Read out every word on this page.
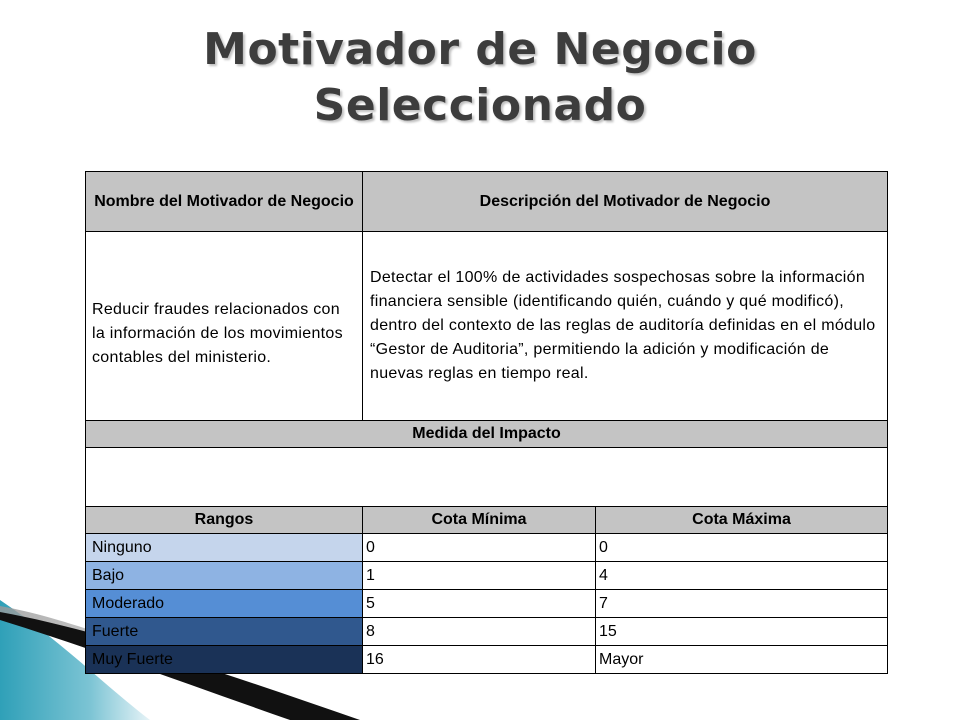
Motivador de Negocio
Seleccionado
Nombre del Motivador de Negocio	Descripción del Motivador de Negocio	
Reducir fraudes relacionados con la información de los movimientos contables del ministerio.	Detectar el 100% de actividades sospechosas sobre la información financiera sensible (identificando quién, cuándo y qué modificó), dentro del contexto de las reglas de auditoría definidas en el módulo “Gestor de Auditoria”, permitiendo la adición y modificación de nuevas reglas en tiempo real.	
Medida del Impacto		

Rangos	Cota Mínima	Cota Máxima
Ninguno	0	0
Bajo	1	4
Moderado	5	7
Fuerte	8	15
Muy Fuerte	16	Mayor
